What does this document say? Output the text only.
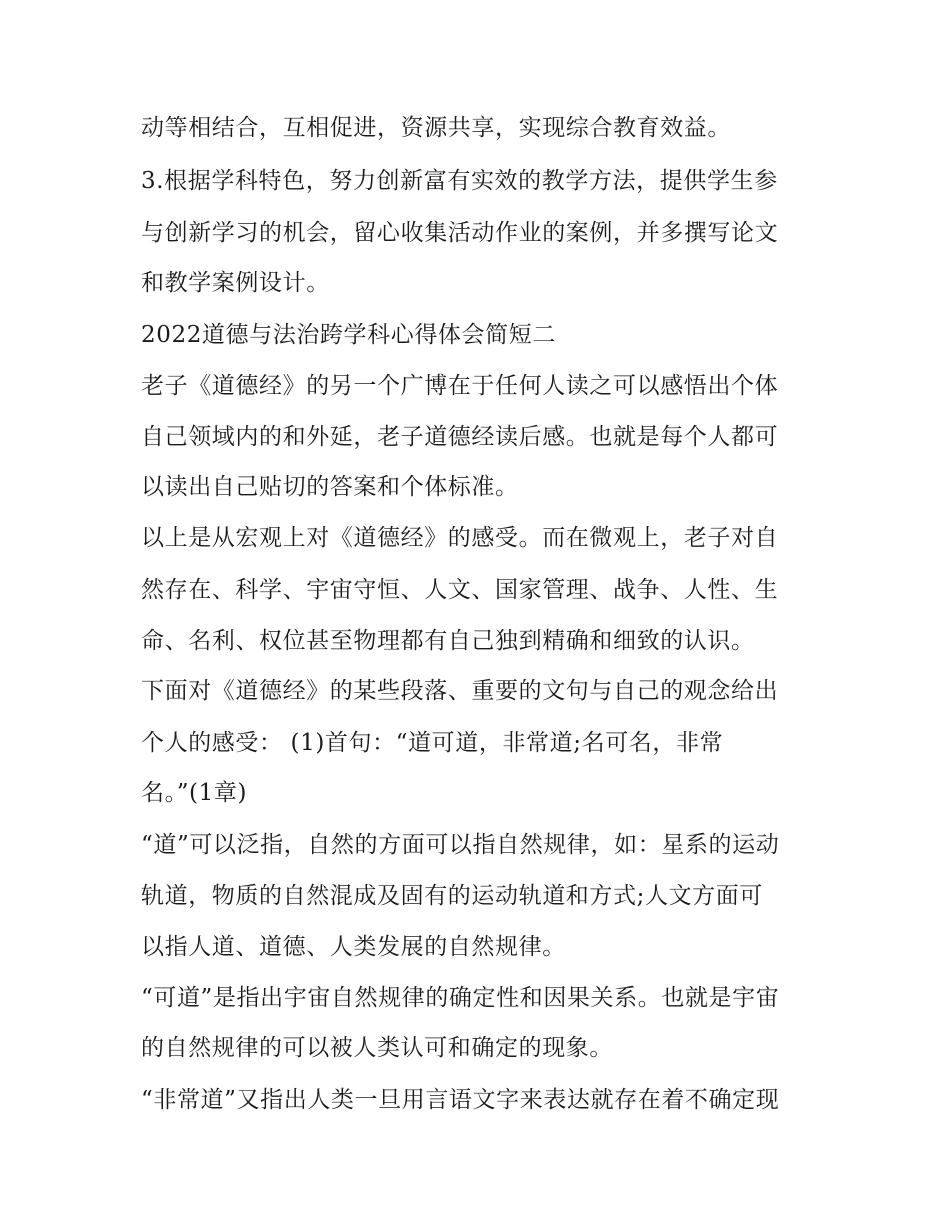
动等相结合，互相促进，资源共享，实现综合教育效益。
3.根据学科特色，努力创新富有实效的教学方法，提供学生参
与创新学习的机会，留心收集活动作业的案例，并多撰写论文
和教学案例设计。
2022道德与法治跨学科心得体会简短二
老子《道德经》的另一个广博在于任何人读之可以感悟出个体
自己领域内的和外延，老子道德经读后感。也就是每个人都可
以读出自己贴切的答案和个体标准。
以上是从宏观上对《道德经》的感受。而在微观上，老子对自
然存在、科学、宇宙守恒、人文、国家管理、战争、人性、生
命、名利、权位甚至物理都有自己独到精确和细致的认识。
下面对《道德经》的某些段落、重要的文句与自己的观念给出
个人的感受： (1)首句：“道可道，非常道;名可名，非常
名。”(1章)
“道”可以泛指，自然的方面可以指自然规律，如：星系的运动
轨道，物质的自然混成及固有的运动轨道和方式;人文方面可
以指人道、道德、人类发展的自然规律。
“可道”是指出宇宙自然规律的确定性和因果关系。也就是宇宙
的自然规律的可以被人类认可和确定的现象。
“非常道”又指出人类一旦用言语文字来表达就存在着不确定现
